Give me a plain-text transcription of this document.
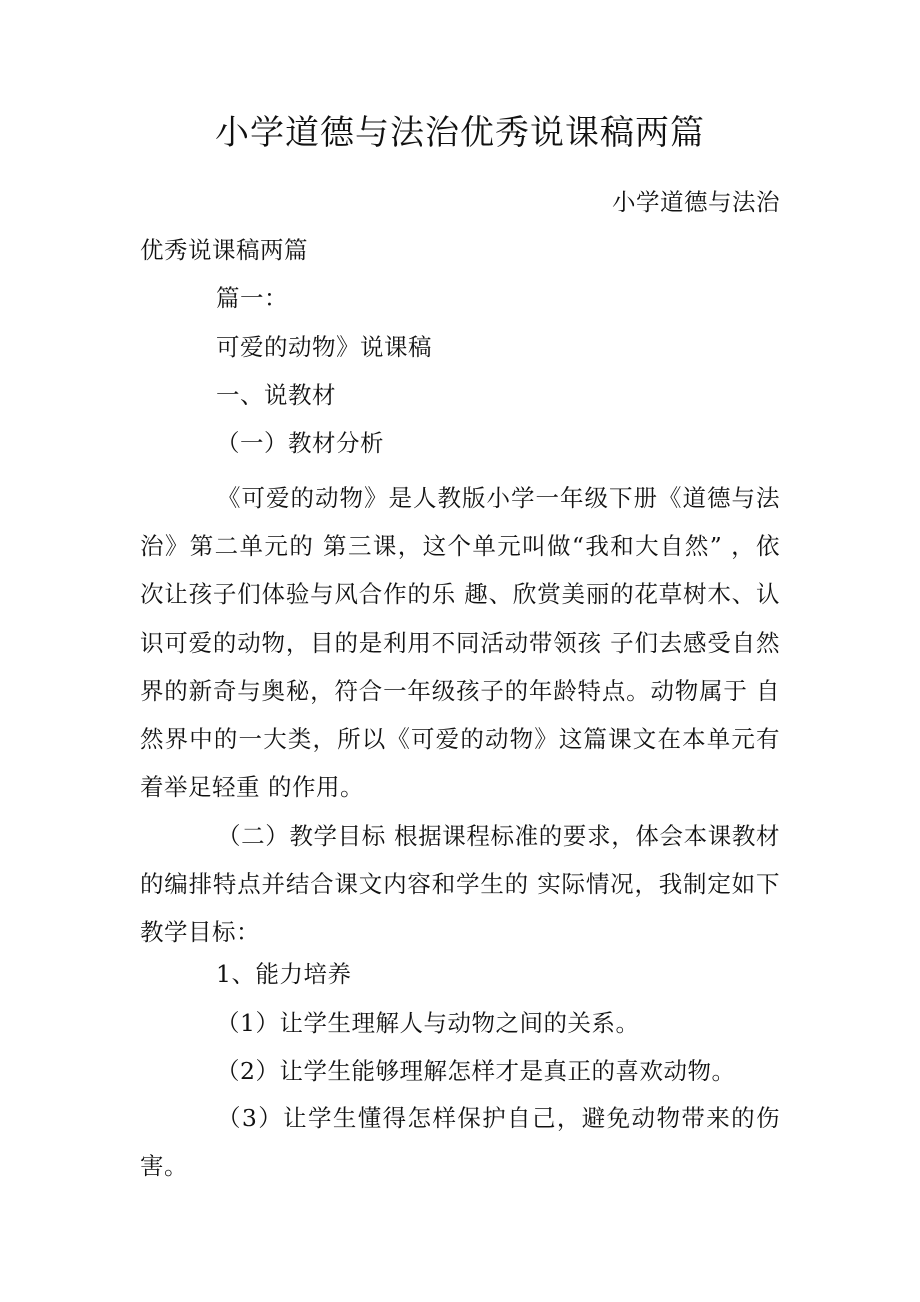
小学道德与法治优秀说课稿两篇
小学道德与法治
优秀说课稿两篇
篇一：
可爱的动物》说课稿
一、说教材
（一）教材分析
《可爱的动物》是人教版小学一年级下册《道德与法治》第二单元的 第三课，这个单元叫做“我和大自然” ，依次让孩子们体验与风合作的乐 趣、欣赏美丽的花草树木、认识可爱的动物，目的是利用不同活动带领孩 子们去感受自然界的新奇与奥秘，符合一年级孩子的年龄特点。动物属于 自然界中的一大类，所以《可爱的动物》这篇课文在本单元有着举足轻重 的作用。
（二）教学目标 根据课程标准的要求，体会本课教材的编排特点并结合课文内容和学生的 实际情况，我制定如下教学目标：
1、能力培养
（1）让学生理解人与动物之间的关系。
（2）让学生能够理解怎样才是真正的喜欢动物。
（3）让学生懂得怎样保护自己，避免动物带来的伤害。
